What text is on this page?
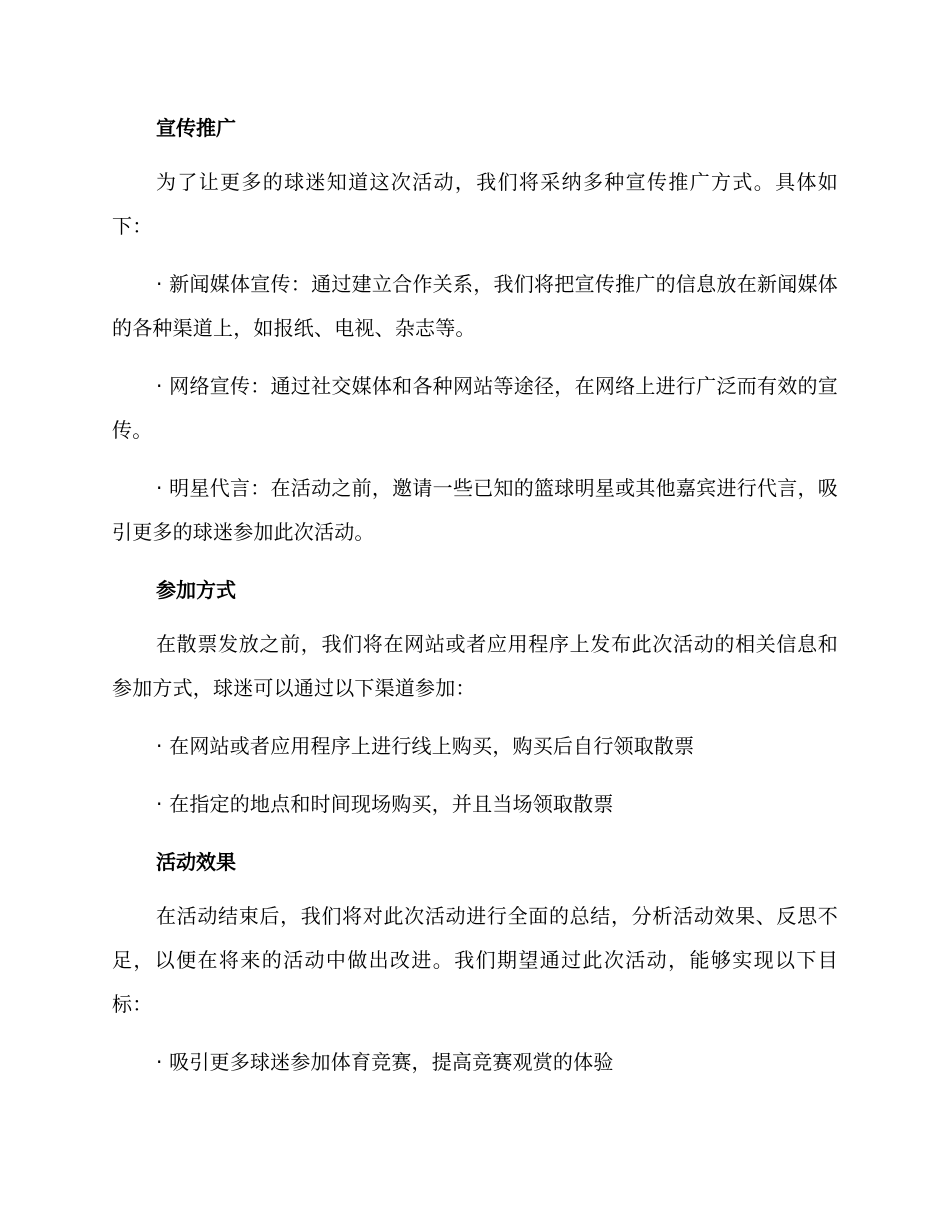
宣传推广

为了让更多的球迷知道这次活动，我们将采纳多种宣传推广方式。具体如下：

· 新闻媒体宣传：通过建立合作关系，我们将把宣传推广的信息放在新闻媒体的各种渠道上，如报纸、电视、杂志等。

· 网络宣传：通过社交媒体和各种网站等途径，在网络上进行广泛而有效的宣传。

· 明星代言：在活动之前，邀请一些已知的篮球明星或其他嘉宾进行代言，吸引更多的球迷参加此次活动。

参加方式

在散票发放之前，我们将在网站或者应用程序上发布此次活动的相关信息和参加方式，球迷可以通过以下渠道参加：

· 在网站或者应用程序上进行线上购买，购买后自行领取散票

· 在指定的地点和时间现场购买，并且当场领取散票

活动效果

在活动结束后，我们将对此次活动进行全面的总结，分析活动效果、反思不足，以便在将来的活动中做出改进。我们期望通过此次活动，能够实现以下目标：

· 吸引更多球迷参加体育竞赛，提高竞赛观赏的体验
